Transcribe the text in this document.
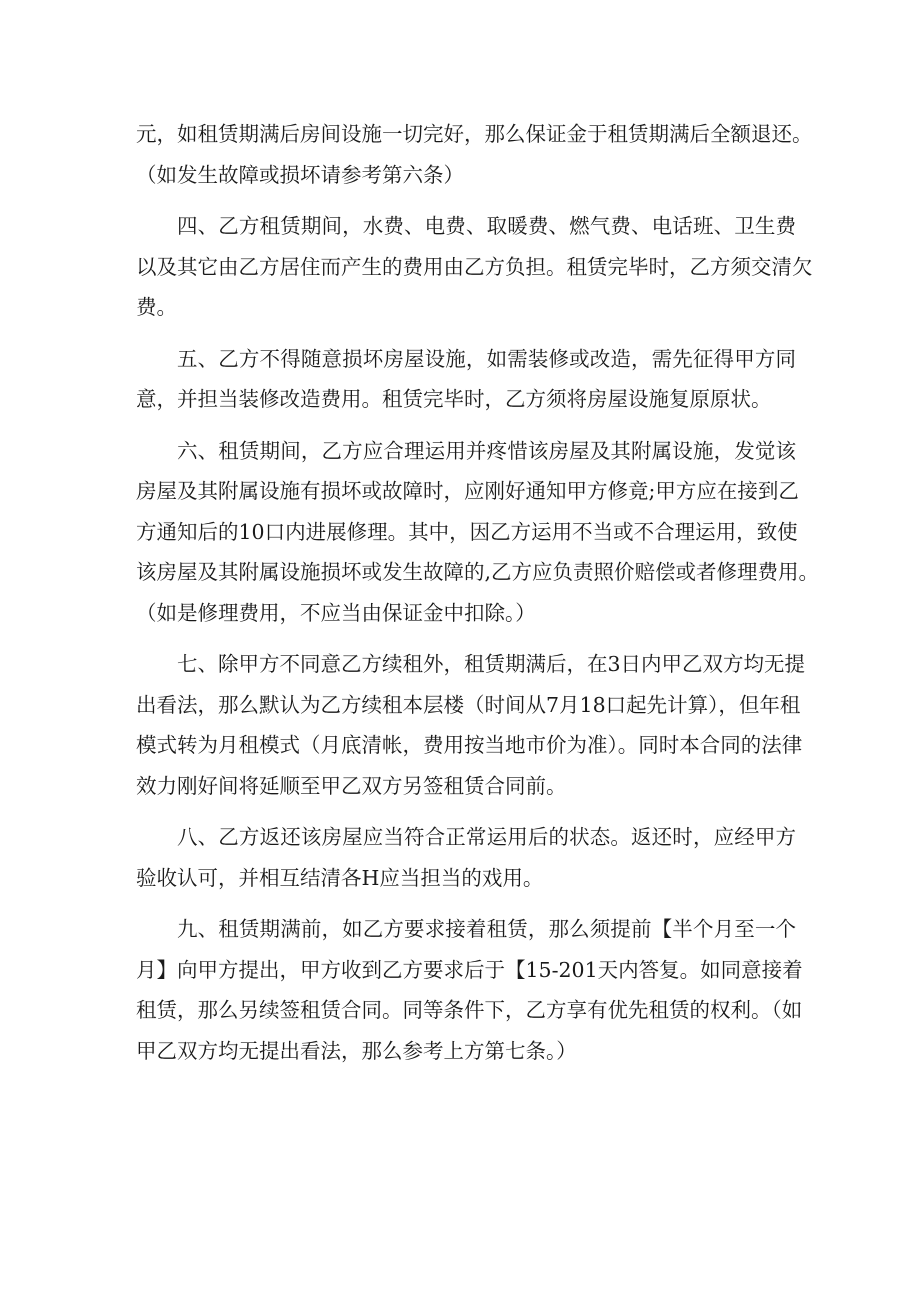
元，如租赁期满后房间设施一切完好，那么保证金于租赁期满后全额退还。
（如发生故障或损坏请参考第六条）
四、乙方租赁期间，水费、电费、取暖费、燃气费、电话班、卫生费
以及其它由乙方居住而产生的费用由乙方负担。租赁完毕时，乙方须交清欠
费。
五、乙方不得随意损坏房屋设施，如需装修或改造，需先征得甲方同
意，并担当装修改造费用。租赁完毕时，乙方须将房屋设施复原原状。
六、租赁期间，乙方应合理运用并疼惜该房屋及其附属设施，发觉该
房屋及其附属设施有损坏或故障时，应刚好通知甲方修竟;甲方应在接到乙
方通知后的10口内进展修理。其中，因乙方运用不当或不合理运用，致使
该房屋及其附属设施损坏或发生故障的,乙方应负责照价赔偿或者修理费用。
（如是修理费用，不应当由保证金中扣除。）
七、除甲方不同意乙方续租外，租赁期满后，在3日内甲乙双方均无提
出看法，那么默认为乙方续租本层楼（时间从7月18口起先计算），但年租
模式转为月租模式（月底清帐，费用按当地市价为准）。同时本合同的法律
效力刚好间将延顺至甲乙双方另签租赁合同前。
八、乙方返还该房屋应当符合正常运用后的状态。返还时，应经甲方
验收认可，并相互结清各H应当担当的戏用。
九、租赁期满前，如乙方要求接着租赁，那么须提前【半个月至一个
月】向甲方提出，甲方收到乙方要求后于【15-201天内答复。如同意接着
租赁，那么另续签租赁合同。同等条件下，乙方享有优先租赁的权利。（如
甲乙双方均无提出看法，那么参考上方第七条。）
